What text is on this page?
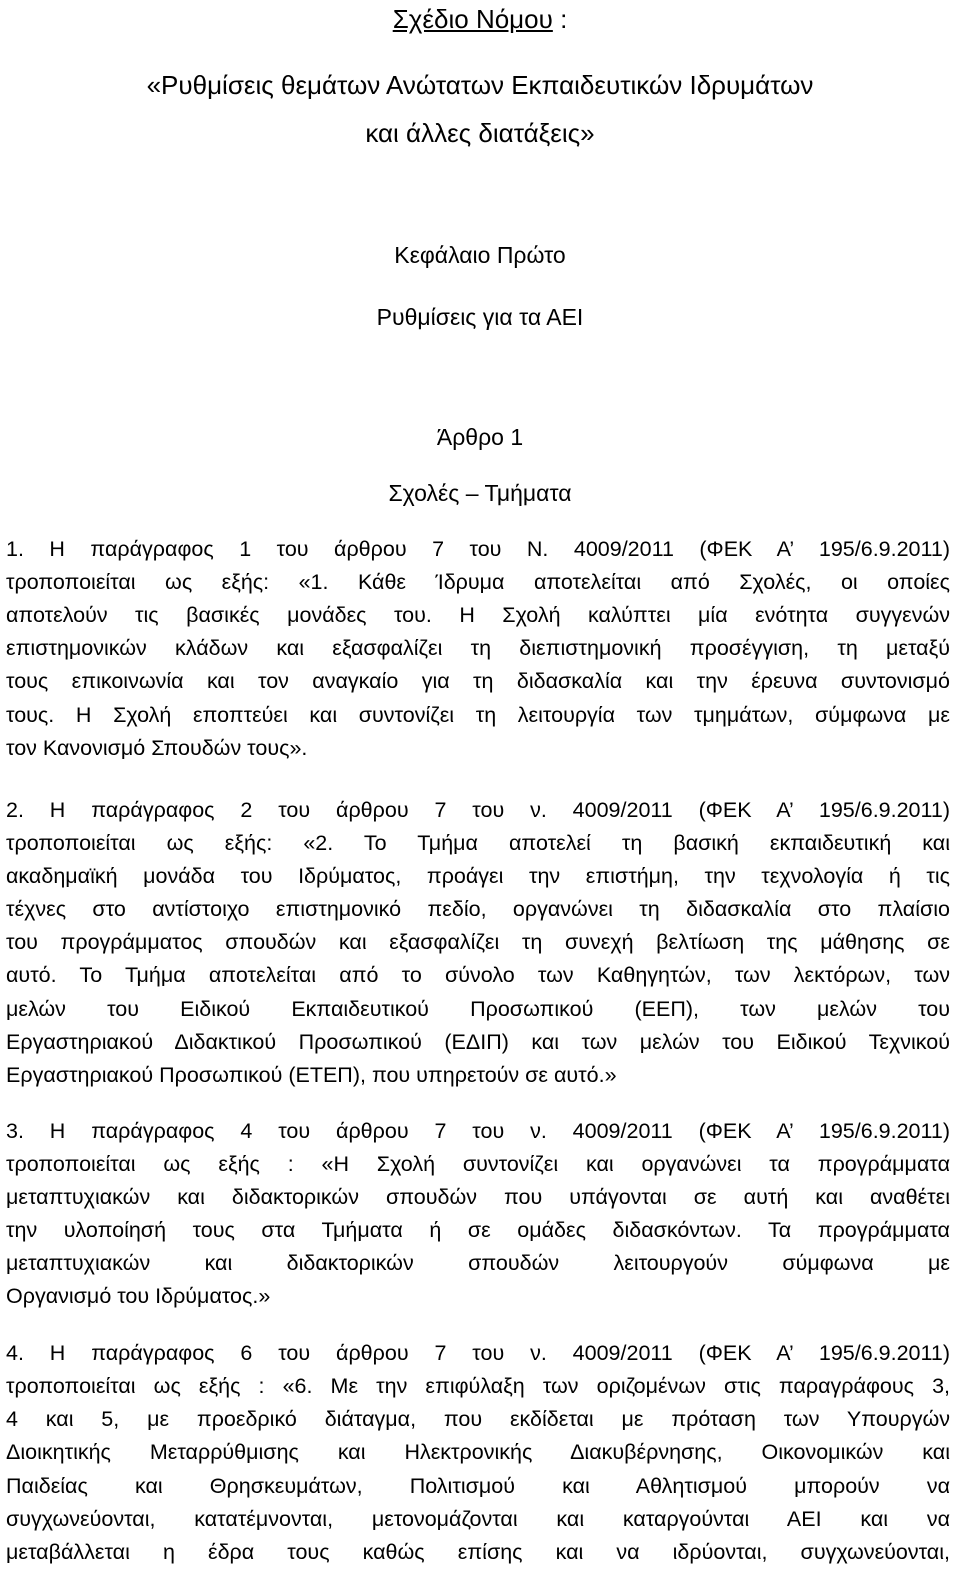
Σχέδιο Νόμου :
«Ρυθμίσεις θεμάτων Ανώτατων Εκπαιδευτικών Ιδρυμάτων
και άλλες διατάξεις»
Κεφάλαιο Πρώτο
Ρυθμίσεις για τα ΑΕΙ
Άρθρο 1
Σχολές – Τμήματα
1. Η παράγραφος 1 του άρθρου 7 του Ν. 4009/2011 (ΦΕΚ Α’ 195/6.9.2011)
τροποποιείται ως εξής: «1. Κάθε Ίδρυμα αποτελείται από Σχολές, οι οποίες
αποτελούν τις βασικές μονάδες του. Η Σχολή καλύπτει μία ενότητα συγγενών
επιστημονικών κλάδων και εξασφαλίζει τη διεπιστημονική προσέγγιση, τη μεταξύ
τους επικοινωνία και τον αναγκαίο για τη διδασκαλία και την έρευνα συντονισμό
τους. Η Σχολή εποπτεύει και συντονίζει τη λειτουργία των τμημάτων, σύμφωνα με
τον Κανονισμό Σπουδών τους».
2. Η παράγραφος 2 του άρθρου 7 του ν. 4009/2011 (ΦΕΚ Α’ 195/6.9.2011)
τροποποιείται ως εξής: «2. Το Τμήμα αποτελεί τη βασική εκπαιδευτική και
ακαδημαϊκή μονάδα του Ιδρύματος, προάγει την επιστήμη, την τεχνολογία ή τις
τέχνες στο αντίστοιχο επιστημονικό πεδίο, οργανώνει τη διδασκαλία στο πλαίσιο
του προγράμματος σπουδών και εξασφαλίζει τη συνεχή βελτίωση της μάθησης σε
αυτό. Το Τμήμα αποτελείται από το σύνολο των Καθηγητών, των λεκτόρων, των
μελών του Ειδικού Εκπαιδευτικού Προσωπικού (ΕΕΠ), των μελών του
Εργαστηριακού Διδακτικού Προσωπικού (ΕΔΙΠ) και των μελών του Ειδικού Τεχνικού
Εργαστηριακού Προσωπικού (ΕΤΕΠ), που υπηρετούν σε αυτό.»
3. Η παράγραφος 4 του άρθρου 7 του ν. 4009/2011 (ΦΕΚ Α’ 195/6.9.2011)
τροποποιείται ως εξής : «Η Σχολή συντονίζει και οργανώνει τα προγράμματα
μεταπτυχιακών και διδακτορικών σπουδών που υπάγονται σε αυτή και αναθέτει
την υλοποίησή τους στα Τμήματα ή σε ομάδες διδασκόντων. Τα προγράμματα
μεταπτυχιακών και διδακτορικών σπουδών λειτουργούν σύμφωνα με
Οργανισμό του Ιδρύματος.»
4. Η παράγραφος 6 του άρθρου 7 του ν. 4009/2011 (ΦΕΚ Α’ 195/6.9.2011)
τροποποιείται ως εξής : «6. Με την επιφύλαξη των οριζομένων στις παραγράφους 3,
4 και 5, με προεδρικό διάταγμα, που εκδίδεται με πρόταση των Υπουργών
Διοικητικής Μεταρρύθμισης και Ηλεκτρονικής Διακυβέρνησης, Οικονομικών και
Παιδείας και Θρησκευμάτων, Πολιτισμού και Αθλητισμού μπορούν να
συγχωνεύονται, κατατέμνονται, μετονομάζονται και καταργούνται ΑΕΙ και να
μεταβάλλεται η έδρα τους καθώς επίσης και να ιδρύονται, συγχωνεύονται,
